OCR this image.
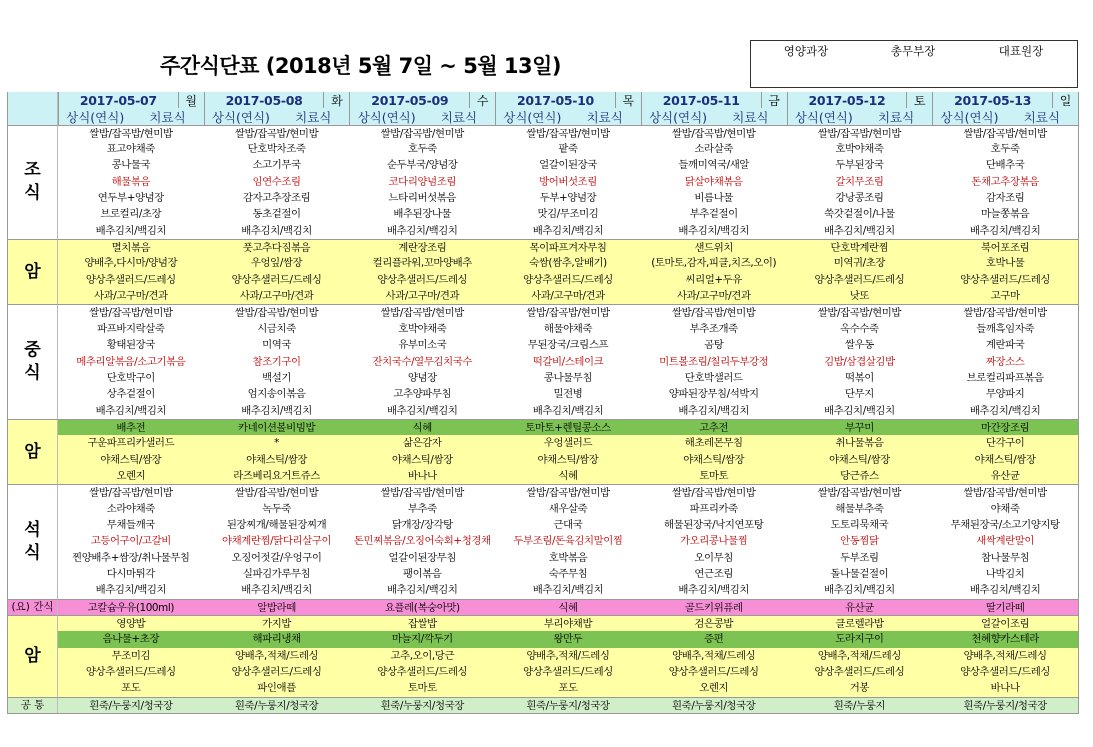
주간식단표 (2018년 5월 7일 ~ 5월 13일)
영양과장	총무부장	대표원장
2017-05-07	월	2017-05-08	화	2017-05-09	수	2017-05-10	목	2017-05-11	금	2017-05-12	토	2017-05-13	일
상식(연식)	치료식	상식(연식)	치료식	상식(연식)	치료식	상식(연식)	치료식	상식(연식)	치료식	상식(연식)	치료식	상식(연식)	치료식
조
식
쌀밥/잡곡밥/현미밥	쌀밥/잡곡밥/현미밥	쌀밥/잡곡밥/현미밥	쌀밥/잡곡밥/현미밥	쌀밥/잡곡밥/현미밥	쌀밥/잡곡밥/현미밥	쌀밥/잡곡밥/현미밥
표고야채죽	단호박차조죽	호두죽	팥죽	소라살죽	호박야채죽	호두죽
콩나물국	소고기무국	순두부국/양념장	얼갈이된장국	들깨미역국/새알	두부된장국	단배추국
해물볶음	임연수조림	코다리양념조림	방어버섯조림	닭살야채볶음	갈치무조림	돈채고추장볶음
연두부+양념장	감자고추장조림	느타리버섯볶음	두부+양념장	비름나물	강낭콩조림	감자조림
브로컬리/초장	동초겉절이	배추된장나물	맛김/무조미김	부추겉절이	쑥갓겉절이/나물	마늘쫑볶음
배추김치/백김치	배추김치/백김치	배추김치/백김치	배추김치/백김치	배추김치/백김치	배추김치/백김치	배추김치/백김치
암
멸치볶음	풋고추다짐볶음	계란장조림	목이파프겨자무침	샌드위치	단호박계란찜	북어포조림
양배추,다시마/양념장	우엉잎/쌈장	컬리플라워,꼬마양배추	숙쌈(쌈추,알배기)	(토마토,감자,피클,치즈,오이)	미역귀/초장	호박나물
양상추샐러드/드레싱	양상추샐러드/드레싱	양상추샐러드/드레싱	양상추샐러드/드레싱	씨리얼+두유	양상추샐러드/드레싱	양상추샐러드/드레싱
사과/고구마/견과	사과/고구마/견과	사과/고구마/견과	사과/고구마/견과	사과/고구마/견과	낫또	고구마
중
식
쌀밥/잡곡밥/현미밥	쌀밥/잡곡밥/현미밥	쌀밥/잡곡밥/현미밥	쌀밥/잡곡밥/현미밥	쌀밥/잡곡밥/현미밥	쌀밥/잡곡밥/현미밥	쌀밥/잡곡밥/현미밥
파프바지락살죽	시금치죽	호박야채죽	해물야채죽	부추조개죽	옥수수죽	들깨흑임자죽
황태된장국	미역국	유부미소국	무된장국/크림스프	곰탕	쌀우동	계란파국
메추리알볶음/소고기볶음	참조기구이	잔치국수/열무김치국수	떡갈비/스테이크	미트볼조림/칠리두부강정	김밥/삼겹살김밥	짜장소스
단호박구이	백설기	양념장	콩나물무침	단호박샐러드	떡볶이	브로컬리파프볶음
상추겉절이	엄지송이볶음	고추양파무침	밀전병	양파된장무침/석박지	단무지	무양파지
배추김치/백김치	배추김치/백김치	배추김치/백김치	배추김치/백김치	배추김치/백김치	배추김치/백김치	배추김치/백김치
암
배추전	카네이션볼비빔밥	식혜	토마토+렌틸콩소스	고추전	부꾸미	마간장조림
구운파프리카샐러드	*	삶은감자	우엉샐러드	해초레몬무침	취나물볶음	단각구이
야채스틱/쌈장	야채스틱/쌈장	야채스틱/쌈장	야채스틱/쌈장	야채스틱/쌈장	야채스틱/쌈장	야채스틱/쌈장
오렌지	라즈베리요거트쥬스	바나나	식혜	토마토	당근쥬스	유산균
석
식
쌀밥/잡곡밥/현미밥	쌀밥/잡곡밥/현미밥	쌀밥/잡곡밥/현미밥	쌀밥/잡곡밥/현미밥	쌀밥/잡곡밥/현미밥	쌀밥/잡곡밥/현미밥	쌀밥/잡곡밥/현미밥
소라야채죽	녹두죽	부추죽	새우살죽	파프리카죽	해물부추죽	야채죽
무채들깨국	된장찌개/해물된장찌개	닭개장/장각탕	근대국	해물된장국/낙지연포탕	도토리묵채국	무채된장국/소고기양지탕
고등어구이/고갈비	야채계란찜/닭다리살구이	돈민찌볶음/오징어숙회+청경채	두부조림/돈육김치말이찜	가오리콩나물찜	안동찜닭	새싹계란말이
찐양배추+쌈장/취나물무침	오징어젓갈/우엉구이	얼갈이된장무침	호박볶음	오이무침	두부조림	참나물무침
다시마튀각	실파김가루무침	팽이볶음	숙주무침	연근조림	돌나물겉절이	나박김치
배추김치/백김치	배추김치/백김치	배추김치/백김치	배추김치/백김치	배추김치/백김치	배추김치/백김치	배추김치/백김치
(요) 간식	고칼슘우유(100ml)	알밥라떼	요플레(복숭아맛)	식혜	골드키위퓨레	유산균	딸기라떼
암
영양밥	가지밥	잡쌀밥	부리야채밥	검은콩밥	클로렐라밥	얼갈이조림
음나물+초장	해파리냉채	마늘지/깍두기	왕만두	증편	도라지구이	천혜향카스테라
무조미김	양배추,적채/드레싱	고추,오이,당근	양배추,적채/드레싱	양배추,적채/드레싱	양배추,적채/드레싱	양배추,적채/드레싱
양상추샐러드/드레싱	양상추샐러드/드레싱	양상추샐러드/드레싱	양상추샐러드/드레싱	양상추샐러드/드레싱	양상추샐러드/드레싱	양상추샐러드/드레싱
포도	파인애플	토마토	포도	오렌지	거봉	바나나
공 통	흰죽/누룽지/청국장	흰죽/누룽지/청국장	흰죽/누룽지/청국장	흰죽/누룽지/청국장	흰죽/누룽지/청국장	흰죽/누룽지	흰죽/누룽지/청국장
